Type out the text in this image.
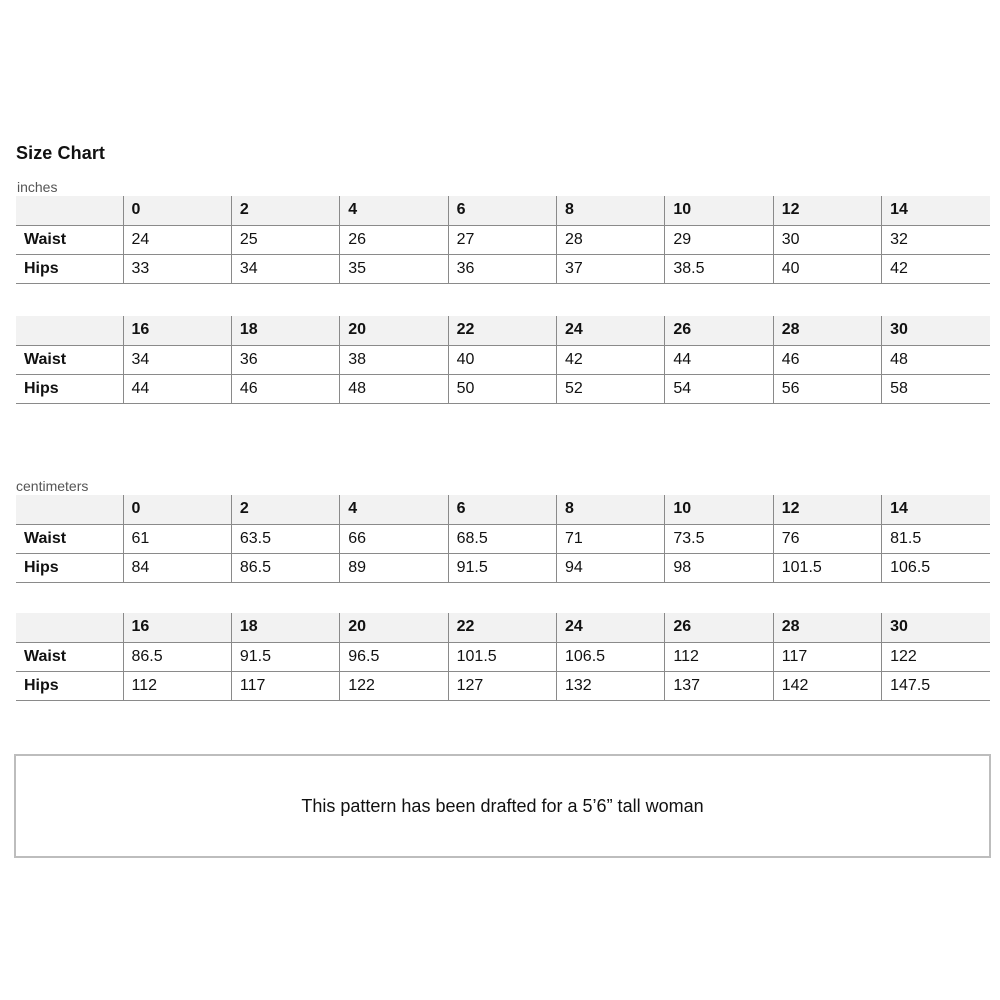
Size Chart
inches
	0	2	4	6	8	10	12	14
Waist	24	25	26	27	28	29	30	32
Hips	33	34	35	36	37	38.5	40	42
	16	18	20	22	24	26	28	30
Waist	34	36	38	40	42	44	46	48
Hips	44	46	48	50	52	54	56	58
centimeters
	0	2	4	6	8	10	12	14
Waist	61	63.5	66	68.5	71	73.5	76	81.5
Hips	84	86.5	89	91.5	94	98	101.5	106.5
	16	18	20	22	24	26	28	30
Waist	86.5	91.5	96.5	101.5	106.5	112	117	122
Hips	112	117	122	127	132	137	142	147.5
This pattern has been drafted for a 5’6” tall woman
